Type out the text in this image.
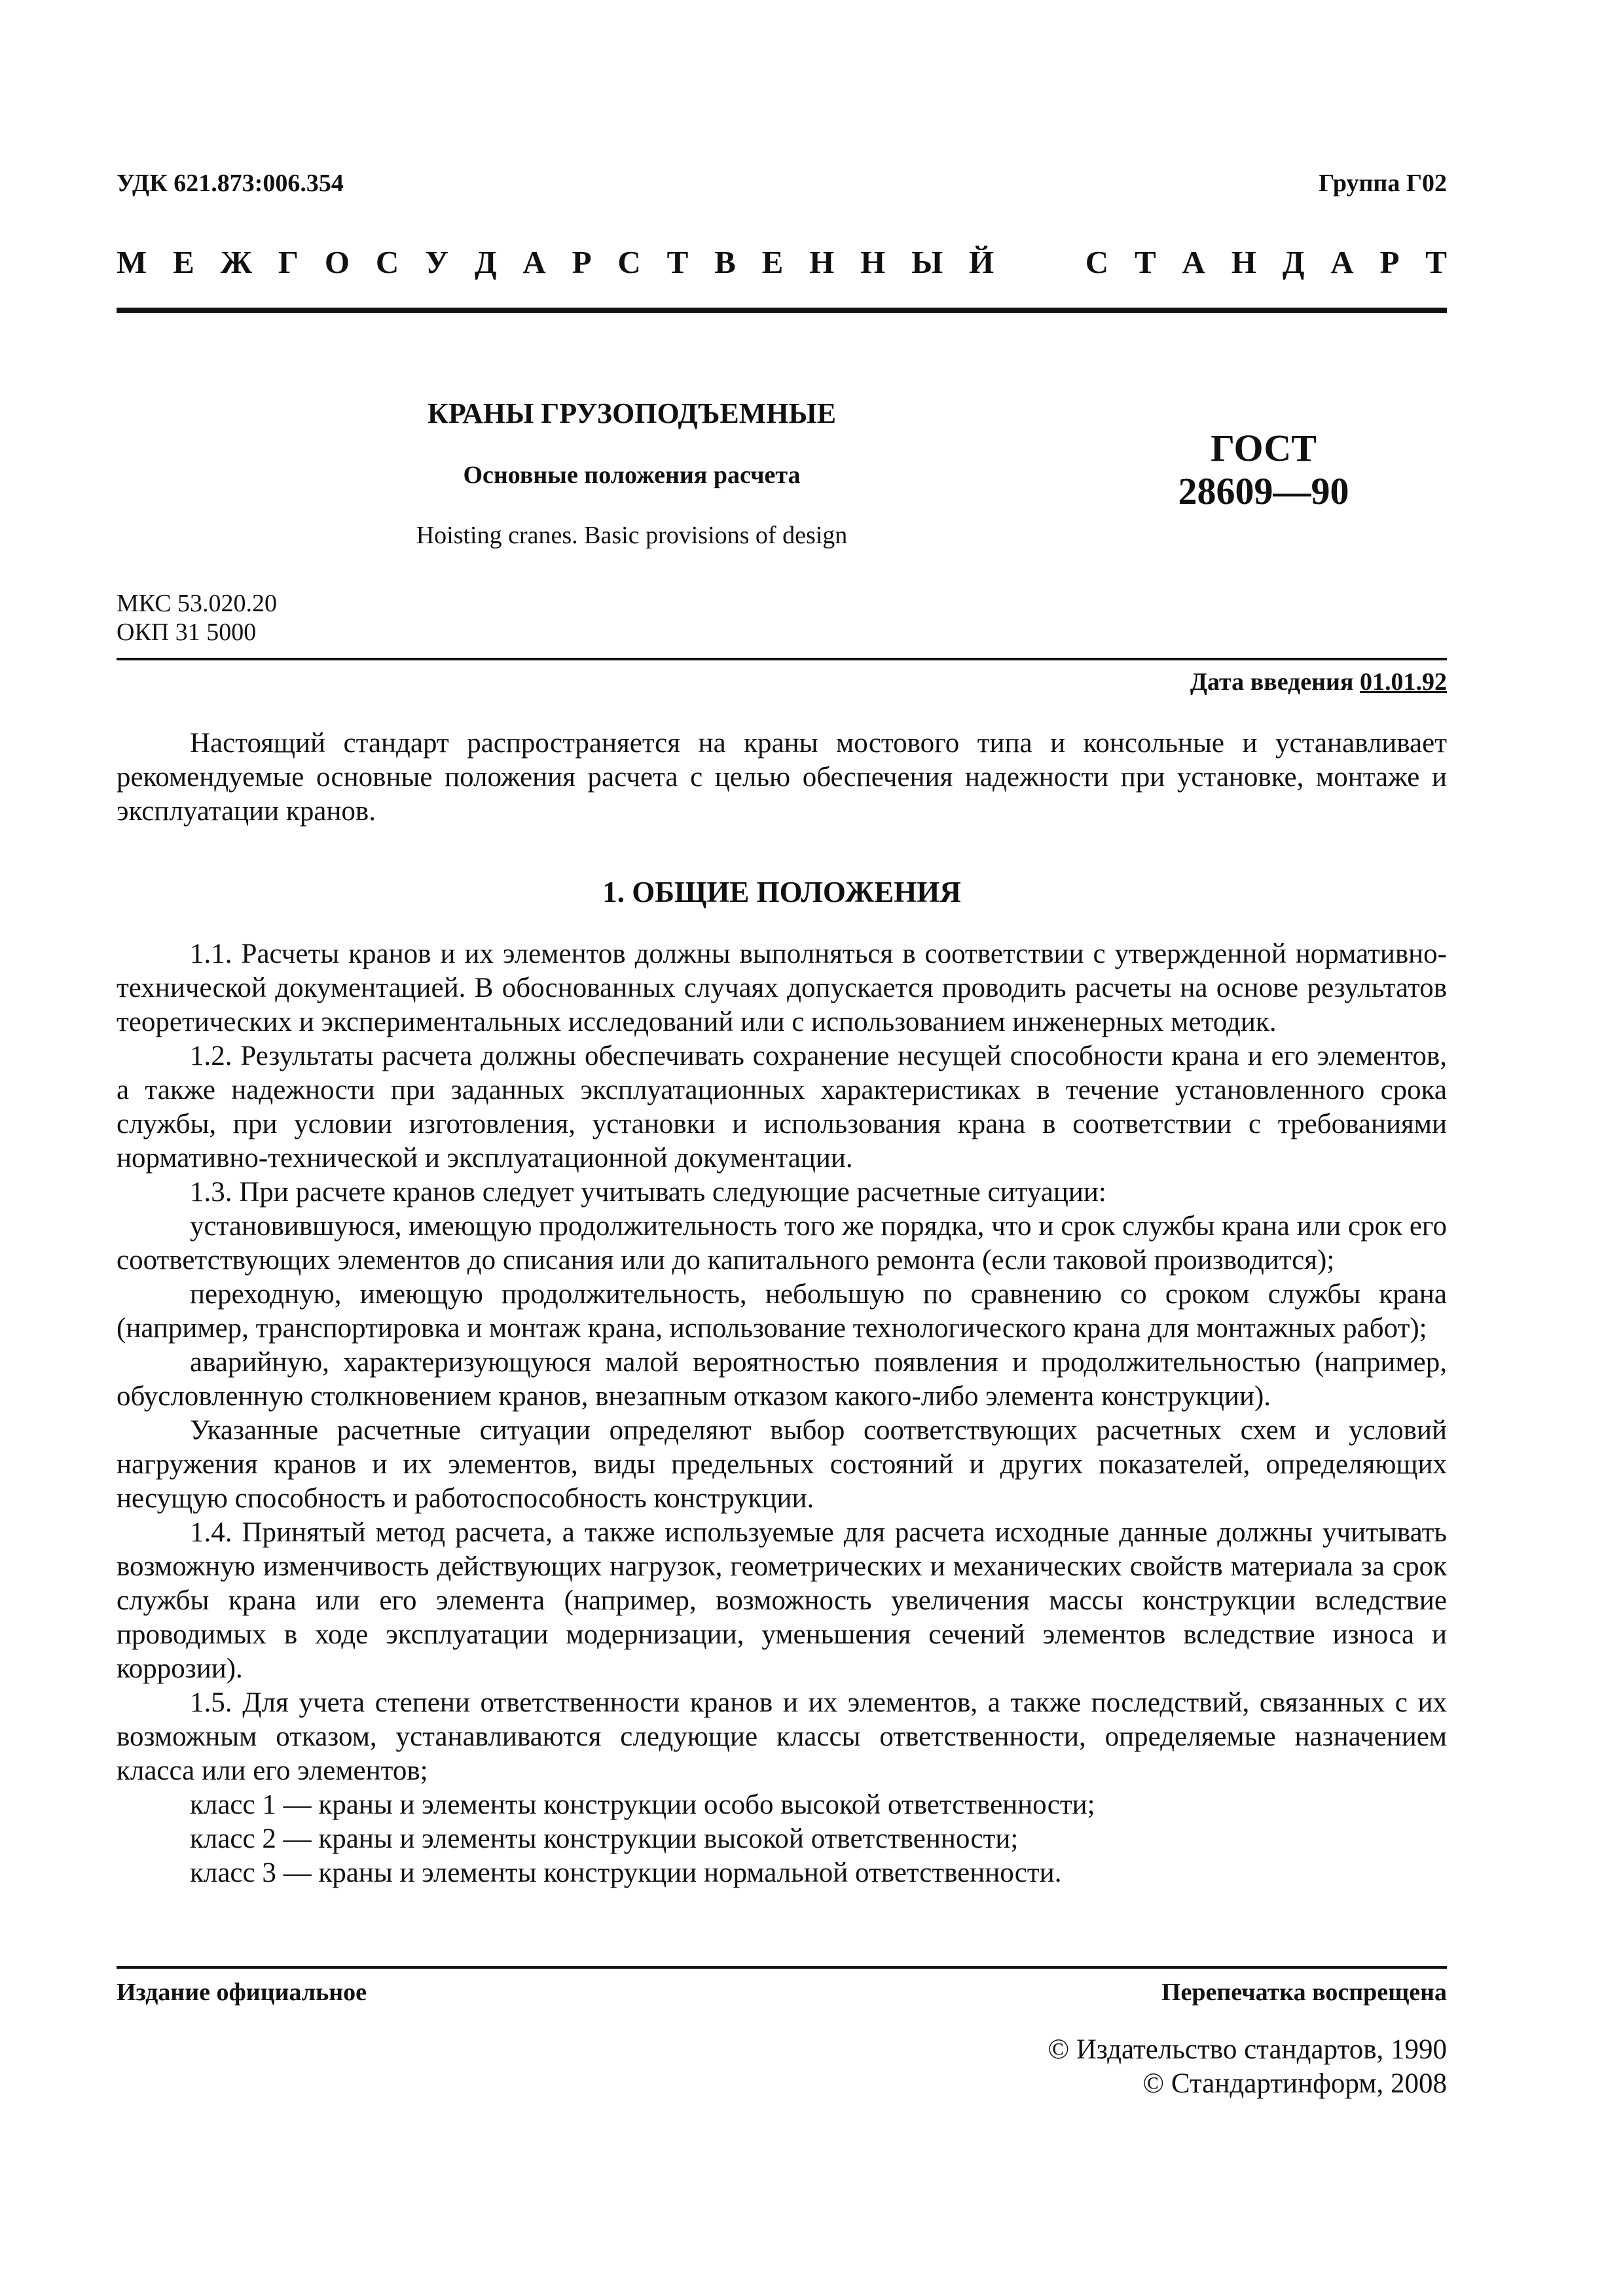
УДК 621.873:006.354	Группа Г02
М Е Ж Г О С У Д А Р С Т В Е Н Н Ы Й	С Т А Н Д А Р Т
КРАНЫ ГРУЗОПОДЪЕМНЫЕ
Основные положения расчета
Hoisting cranes. Basic provisions of design
ГОСТ
28609—90
МКС 53.020.20
ОКП 31 5000
Дата введения 01.01.92

Настоящий стандарт распространяется на краны мостового типа и консольные и устанавливает рекомендуемые основные положения расчета с целью обеспечения надежности при установке, монтаже и эксплуатации кранов.

1. ОБЩИЕ ПОЛОЖЕНИЯ

1.1. Расчеты кранов и их элементов должны выполняться в соответствии с утвержденной нормативно-технической документацией. В обоснованных случаях допускается проводить расчеты на основе результатов теоретических и экспериментальных исследований или с использованием инженерных методик.

1.2. Результаты расчета должны обеспечивать сохранение несущей способности крана и его элементов, а также надежности при заданных эксплуатационных характеристиках в течение установленного срока службы, при условии изготовления, установки и использования крана в соответствии с требованиями нормативно-технической и эксплуатационной документации.

1.3. При расчете кранов следует учитывать следующие расчетные ситуации:

установившуюся, имеющую продолжительность того же порядка, что и срок службы крана или срок его соответствующих элементов до списания или до капитального ремонта (если таковой производится);

переходную, имеющую продолжительность, небольшую по сравнению со сроком службы крана (например, транспортировка и монтаж крана, использование технологического крана для монтажных работ);

аварийную, характеризующуюся малой вероятностью появления и продолжительностью (например, обусловленную столкновением кранов, внезапным отказом какого-либо элемента конструкции).

Указанные расчетные ситуации определяют выбор соответствующих расчетных схем и условий нагружения кранов и их элементов, виды предельных состояний и других показателей, определяющих несущую способность и работоспособность конструкции.

1.4. Принятый метод расчета, а также используемые для расчета исходные данные должны учитывать возможную изменчивость действующих нагрузок, геометрических и механических свойств материала за срок службы крана или его элемента (например, возможность увеличения массы конструкции вследствие проводимых в ходе эксплуатации модернизации, уменьшения сечений элементов вследствие износа и коррозии).

1.5. Для учета степени ответственности кранов и их элементов, а также последствий, связанных с их возможным отказом, устанавливаются следующие классы ответственности, определяемые назначением класса или его элементов;

класс 1 — краны и элементы конструкции особо высокой ответственности;

класс 2 — краны и элементы конструкции высокой ответственности;

класс 3 — краны и элементы конструкции нормальной ответственности.

Издание официальное	Перепечатка воспрещена
© Издательство стандартов, 1990
© Стандартинформ, 2008
